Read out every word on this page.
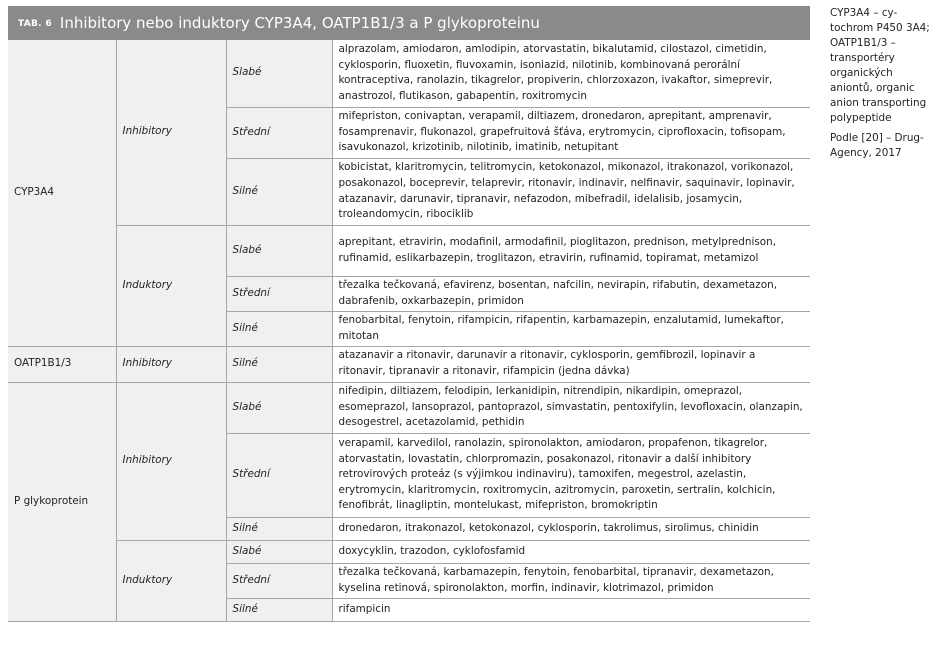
TAB. 6 Inhibitory nebo induktory CYP3A4, OATP1B1/3 a P glykoproteinu
CYP3A4	Inhibitory	Slabé	alprazolam, amiodaron, amlodipin, atorvastatin, bikalutamid, cilostazol, cimetidin, cyklosporin, fluoxetin, fluvoxamin, isoniazid, nilotinib, kombinovaná perorální kontraceptiva, ranolazin, tikagrelor, propiverin, chlorzoxazon, ivakaftor, simeprevir, anastrozol, flutikason, gabapentin, roxitromycin
		Střední	mifepriston, conivaptan, verapamil, diltiazem, dronedaron, aprepitant, amprenavir, fosamprenavir, flukonazol, grapefruitová šťáva, erytromycin, ciprofloxacin, tofisopam, isavukonazol, krizotinib, nilotinib, imatinib, netupitant
		Silné	kobicistat, klaritromycin, telitromycin, ketokonazol, mikonazol, itrakonazol, vorikonazol, posakonazol, boceprevir, telaprevir, ritonavir, indinavir, nelfinavir, saquinavir, lopinavir, atazanavir, darunavir, tipranavir, nefazodon, mibefradil, idelalisib, josamycin, troleandomycin, ribociklib
	Induktory	Slabé	aprepitant, etravirin, modafinil, armodafinil, pioglitazon, prednison, metylprednison, rufinamid, eslikarbazepin, troglitazon, etravirin, rufinamid, topiramat, metamizol
		Střední	třezalka tečkovaná, efavirenz, bosentan, nafcilin, nevirapin, rifabutin, dexametazon, dabrafenib, oxkarbazepin, primidon
		Silné	fenobarbital, fenytoin, rifampicin, rifapentin, karbamazepin, enzalutamid, lumekaftor, mitotan
OATP1B1/3	Inhibitory	Silné	atazanavir a ritonavir, darunavir a ritonavir, cyklosporin, gemfibrozil, lopinavir a ritonavir, tipranavir a ritonavir, rifampicin (jedna dávka)
P glykoprotein	Inhibitory	Slabé	nifedipin, diltiazem, felodipin, lerkanidipin, nitrendipin, nikardipin, omeprazol, esomeprazol, lansoprazol, pantoprazol, simvastatin, pentoxifylin, levofloxacin, olanzapin, desogestrel, acetazolamid, pethidin
		Střední	verapamil, karvedilol, ranolazin, spironolakton, amiodaron, propafenon, tikagrelor, atorvastatin, lovastatin, chlorpromazin, posakonazol, ritonavir a další inhibitory retrovirových proteáz (s výjimkou indinaviru), tamoxifen, megestrol, azelastin, erytromycin, klaritromycin, roxitromycin, azitromycin, paroxetin, sertralin, kolchicin, fenofibrát, linagliptin, montelukast, mifepriston, bromokriptin
		Silné	dronedaron, itrakonazol, ketokonazol, cyklosporin, takrolimus, sirolimus, chinidin
	Induktory	Slabé	doxycyklin, trazodon, cyklofosfamid
		Střední	třezalka tečkovaná, karbamazepin, fenytoin, fenobarbital, tipranavir, dexametazon, kyselina retinová, spironolakton, morfin, indinavir, klotrimazol, primidon
		Silné	rifampicin

CYP3A4 – cy-tochrom P450 3A4; OATP1B1/3 – transportéry organických aniontů, organic anion transporting polypeptide

Podle [20] – Drug-Agency, 2017
